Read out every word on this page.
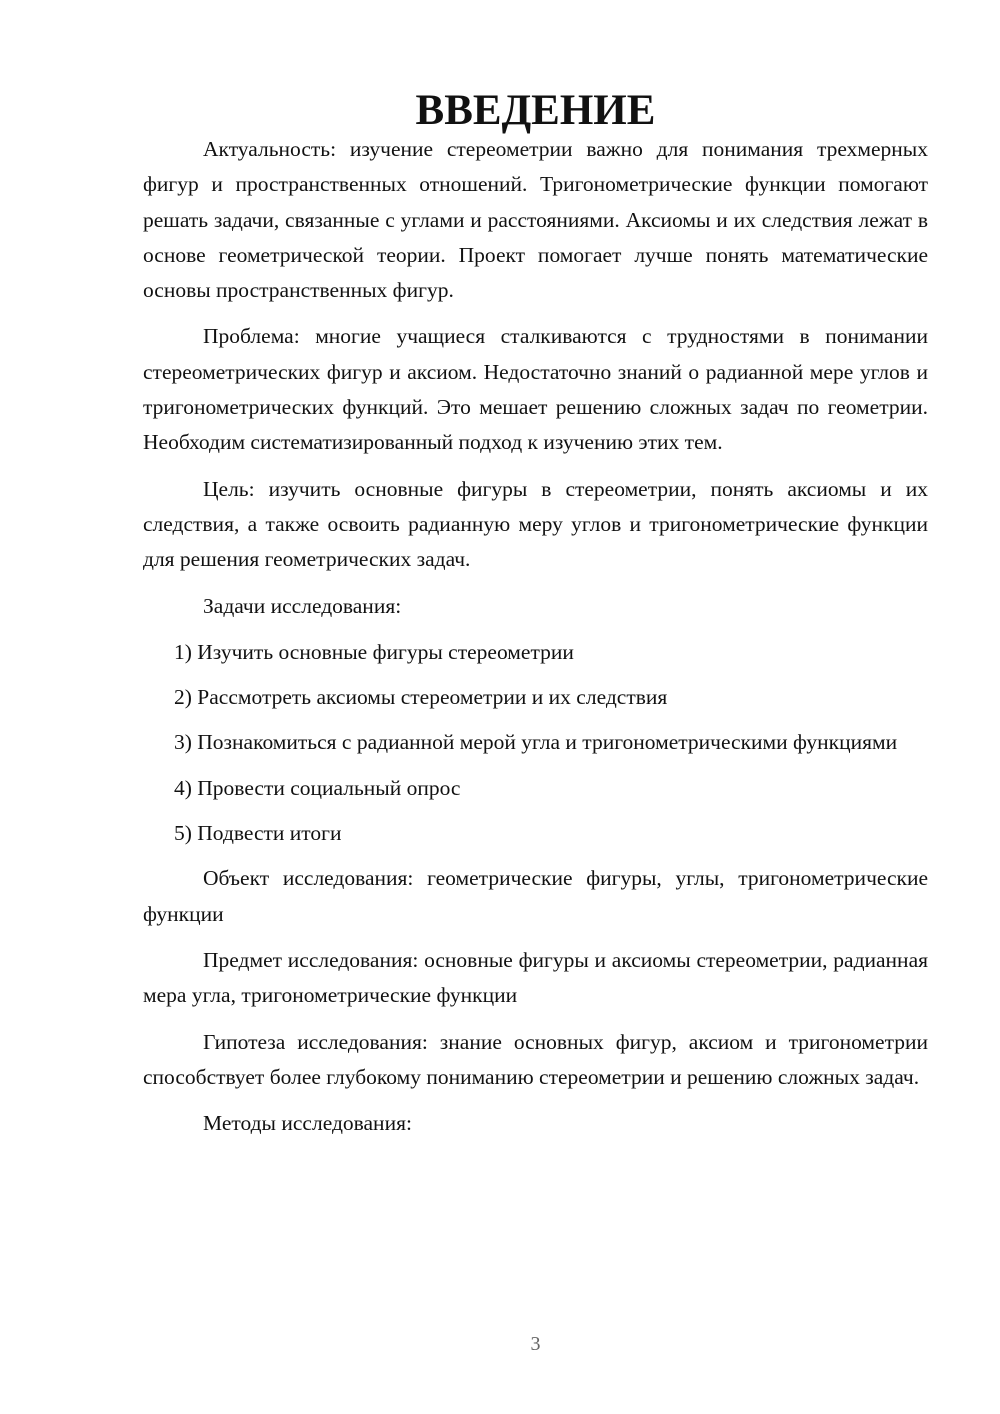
ВВЕДЕНИЕ

Актуальность: изучение стереометрии важно для понимания трехмерных фигур и пространственных отношений. Тригонометрические функции помогают решать задачи, связанные с углами и расстояниями. Аксиомы и их следствия лежат в основе геометрической теории. Проект помогает лучше понять математические основы пространственных фигур.

Проблема: многие учащиеся сталкиваются с трудностями в понимании стереометрических фигур и аксиом. Недостаточно знаний о радианной мере углов и тригонометрических функций. Это мешает решению сложных задач по геометрии. Необходим систематизированный подход к изучению этих тем.

Цель: изучить основные фигуры в стереометрии, понять аксиомы и их следствия, а также освоить радианную меру углов и тригонометрические функции для решения геометрических задач.

Задачи исследования:

1) Изучить основные фигуры стереометрии

2) Рассмотреть аксиомы стереометрии и их следствия

3) Познакомиться с радианной мерой угла и тригонометрическими функциями

4) Провести социальный опрос

5) Подвести итоги

Объект исследования: геометрические фигуры, углы, тригонометрические функции

Предмет исследования: основные фигуры и аксиомы стереометрии, радианная мера угла, тригонометрические функции

Гипотеза исследования: знание основных фигур, аксиом и тригонометрии способствует более глубокому пониманию стереометрии и решению сложных задач.

Методы исследования:

3
